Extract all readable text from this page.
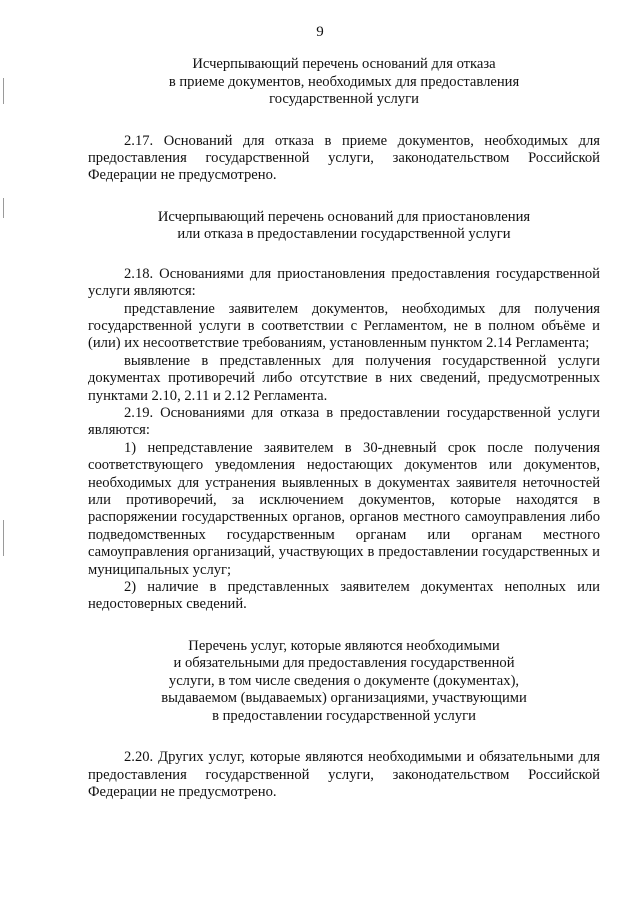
9
Исчерпывающий перечень оснований для отказа
в приеме документов, необходимых для предоставления
государственной услуги

2.17. Оснований для отказа в приеме документов, необходимых для предоставления государственной услуги, законодательством Российской Федерации не предусмотрено.

Исчерпывающий перечень оснований для приостановления
или отказа в предоставлении государственной услуги

2.18. Основаниями для приостановления предоставления государственной услуги являются:

представление заявителем документов, необходимых для получения государственной услуги в соответствии с Регламентом, не в полном объёме и (или) их несоответствие требованиям, установленным пунктом 2.14 Регламента;

выявление в представленных для получения государственной услуги документах противоречий либо отсутствие в них сведений, предусмотренных пунктами 2.10, 2.11 и 2.12 Регламента.

2.19. Основаниями для отказа в предоставлении государственной услуги являются:

1) непредставление заявителем в 30-дневный срок после получения соответствующего уведомления недостающих документов или документов, необходимых для устранения выявленных в документах заявителя неточностей или противоречий, за исключением документов, которые находятся в распоряжении государственных органов, органов местного самоуправления либо подведомственных государственным органам или органам местного самоуправления организаций, участвующих в предоставлении государственных и муниципальных услуг;

2) наличие в представленных заявителем документах неполных или недостоверных сведений.

Перечень услуг, которые являются необходимыми
и обязательными для предоставления государственной
услуги, в том числе сведения о документе (документах),
выдаваемом (выдаваемых) организациями, участвующими
в предоставлении государственной услуги

2.20. Других услуг, которые являются необходимыми и обязательными для предоставления государственной услуги, законодательством Российской Федерации не предусмотрено.
